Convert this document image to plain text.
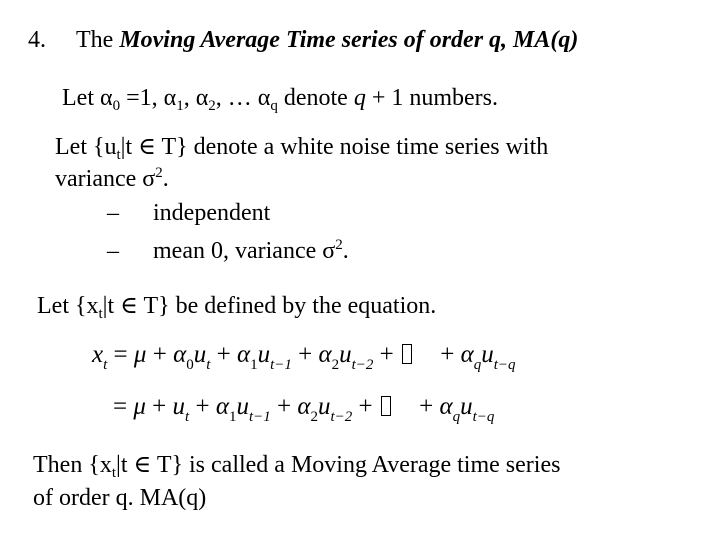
4. The Moving Average Time series of order q, MA(q)
Let $\alpha_0 =1$, $\alpha_1$, $\alpha_2$, … $\alpha_q$ denote q + 1 numbers.
Let {$u_t|t$ ∈ T} denote a white noise time series with
variance $\sigma^2$.
– independent
– mean 0, variance $\sigma^2$.
Let {$x_t|t$ ∈ T} be defined by the equation.
$x_t = \mu + \alpha_0u_t + \alpha_1u_{t-1} + \alpha_2u_{t-2}$ +  + $\alpha_qu_{t-q}$
= $\mu + u_t + \alpha_1u_{t-1} + \alpha_2u_{t-2}$ +  + $\alpha_qu_{t-q}$
Then {$x_t|t$ ∈ T} is called a Moving Average time series
of order q. MA(q)
